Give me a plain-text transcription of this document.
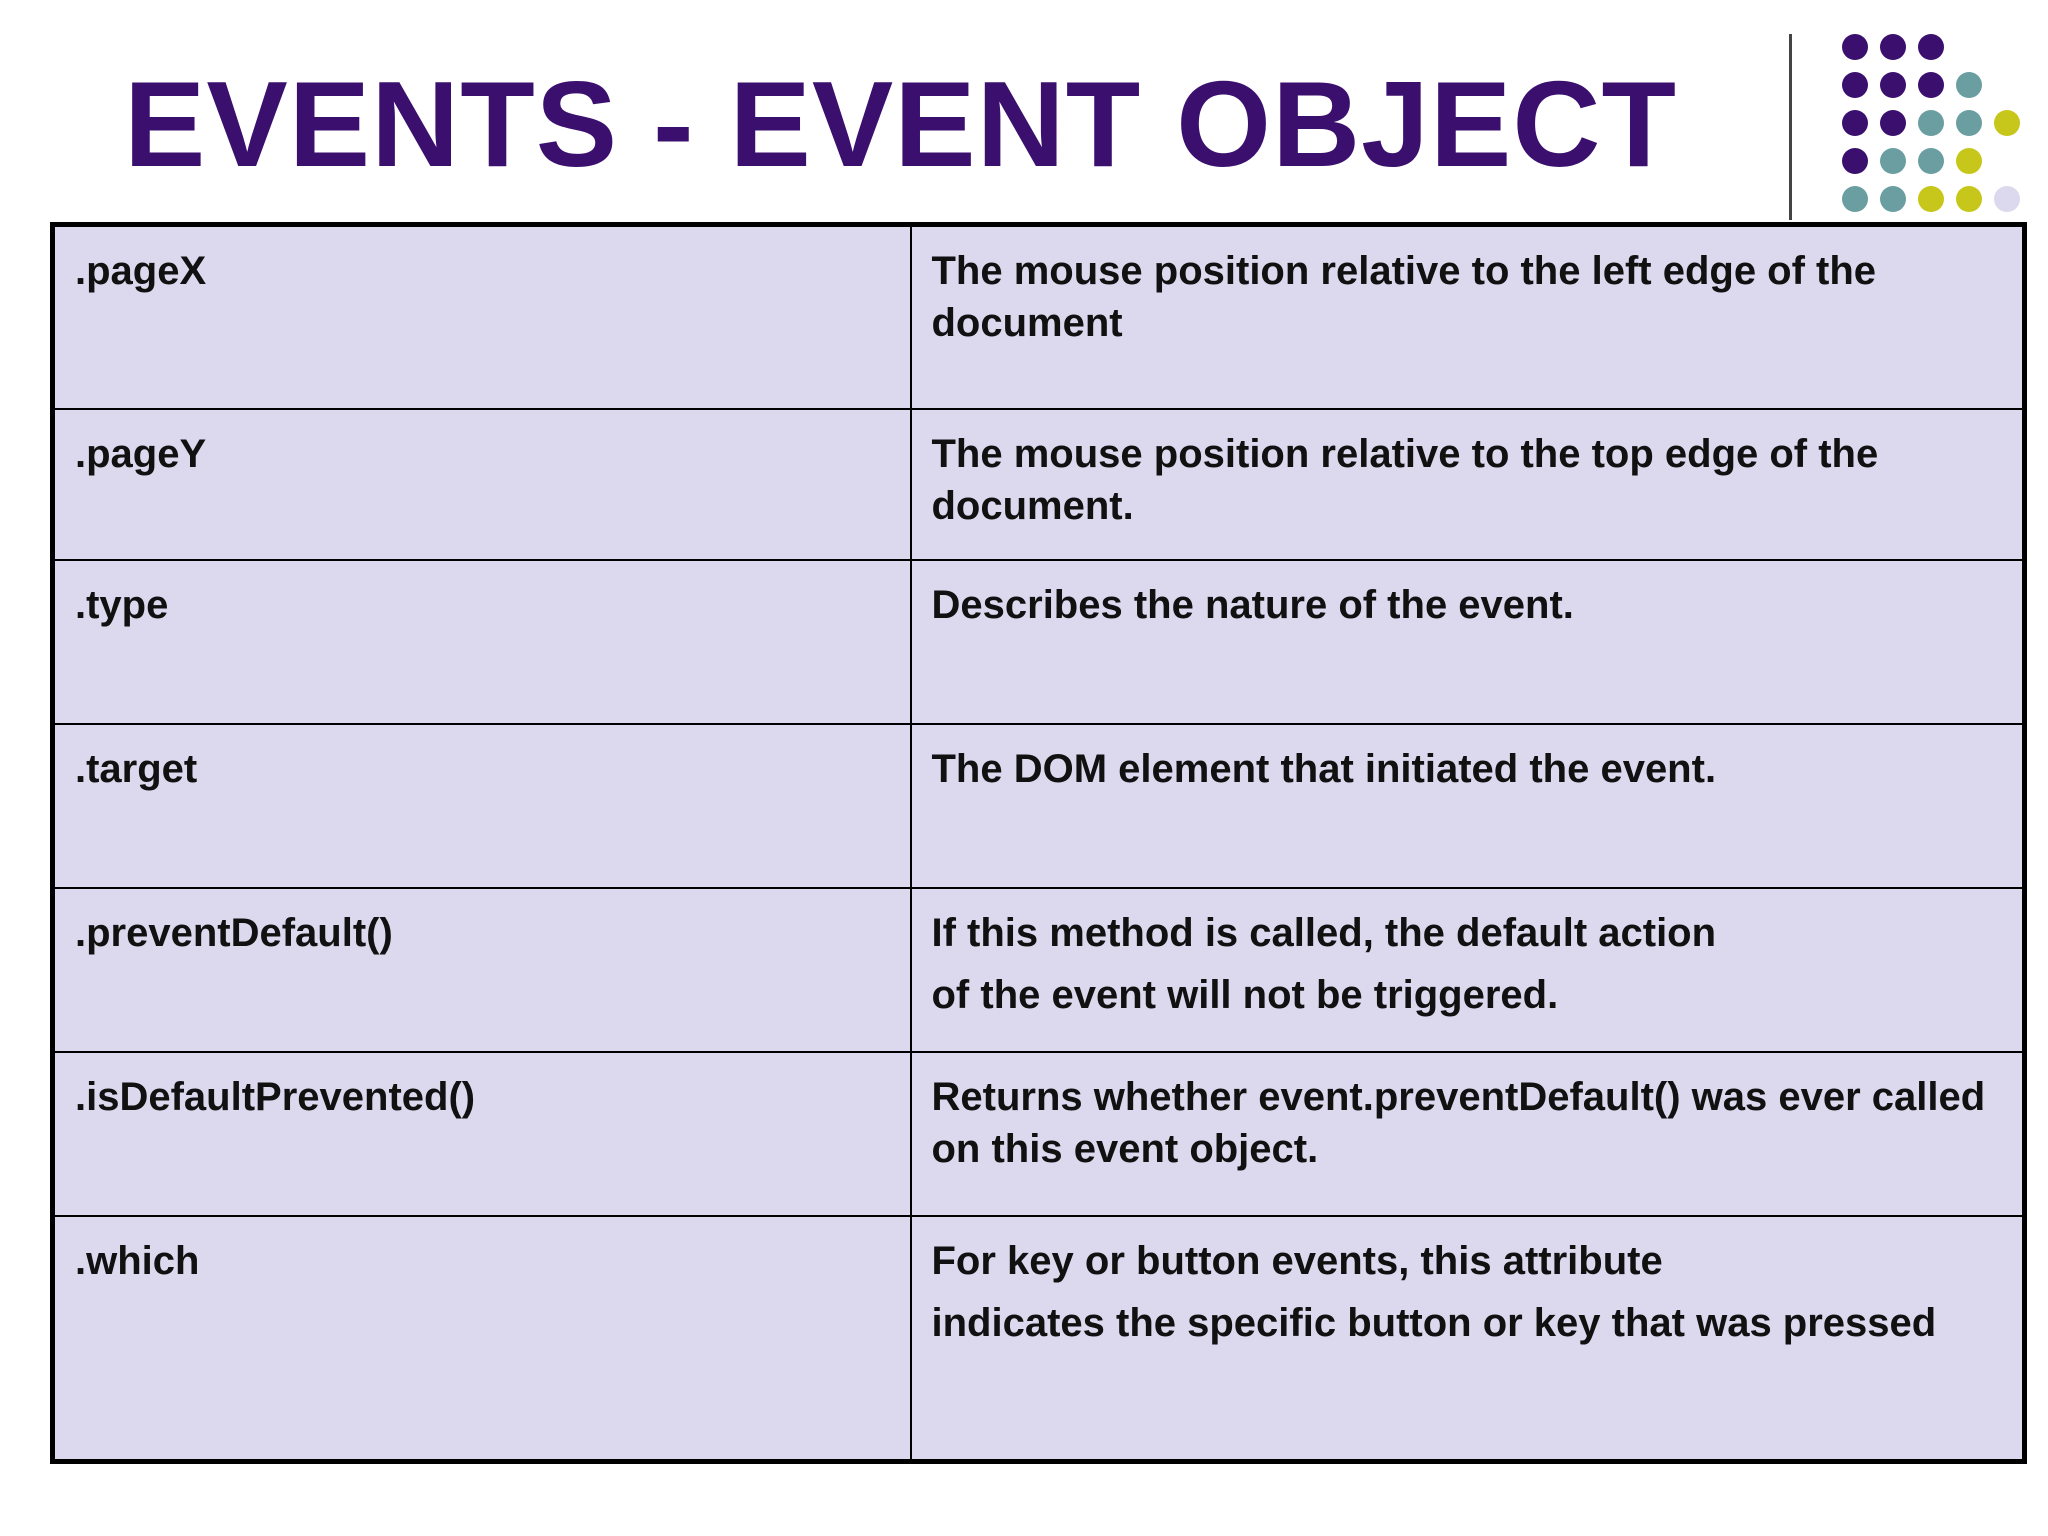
EVENTS - EVENT OBJECT
.pageX	The mouse position relative to the left edge of the document

.pageY	The mouse position relative to the top edge of the document.

.type	Describes the nature of the event.

.target	The DOM element that initiated the event.

.preventDefault()	If this method is called, the default action
of the event will not be triggered.

.isDefaultPrevented()	Returns whether event.preventDefault() was ever called on this event object.

.which	For key or button events, this attribute
indicates the specific button or key that was pressed
